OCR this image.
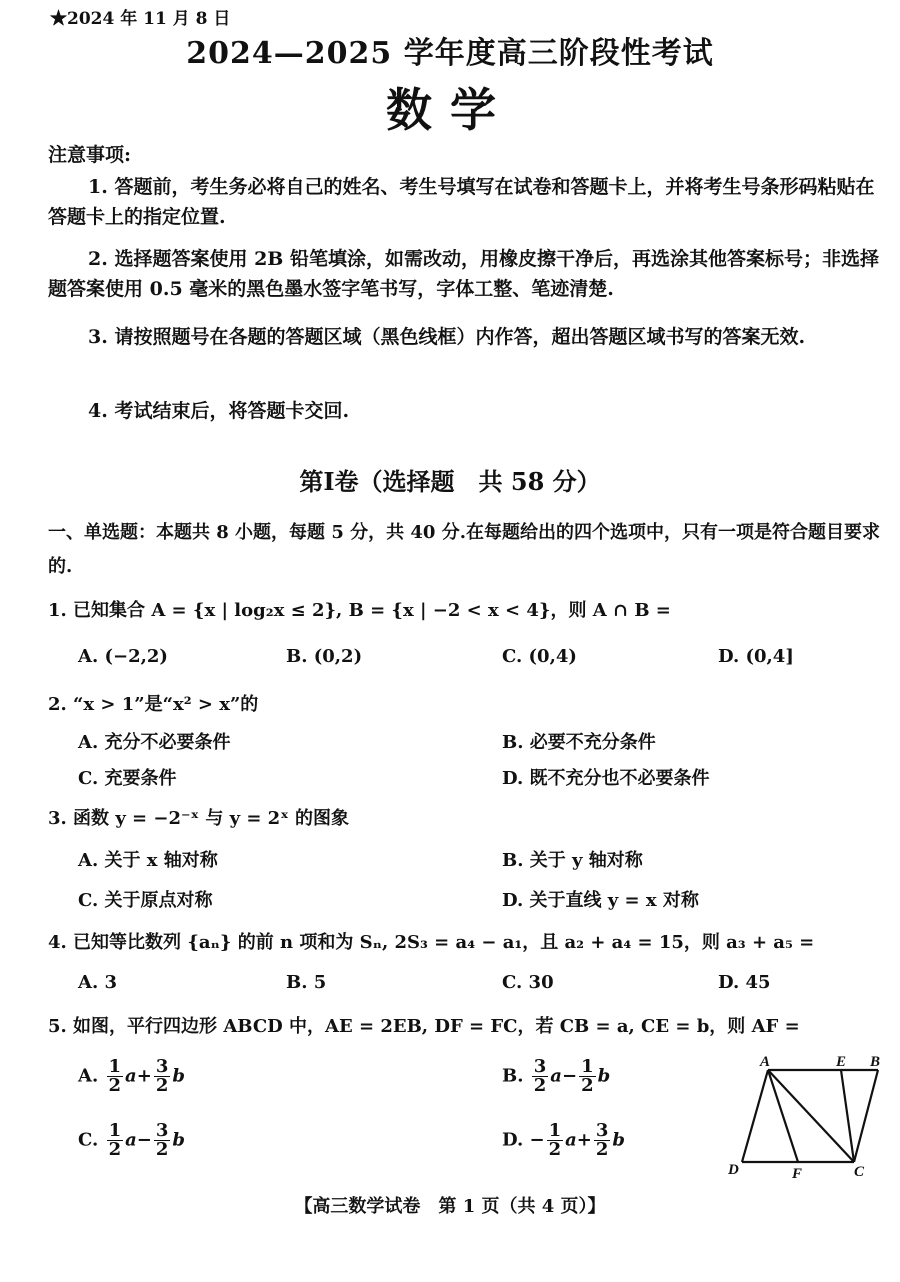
★2024 年 11 月 8 日
2024—2025 学年度高三阶段性考试
数学
注意事项:
1. 答题前，考生务必将自己的姓名、考生号填写在试卷和答题卡上，并将考生号条形码粘贴在答题卡上的指定位置.
2. 选择题答案使用 2B 铅笔填涂，如需改动，用橡皮擦干净后，再选涂其他答案标号；非选择题答案使用 0.5 毫米的黑色墨水签字笔书写，字体工整、笔迹清楚.
3. 请按照题号在各题的答题区域（黑色线框）内作答，超出答题区域书写的答案无效.
4. 考试结束后，将答题卡交回.
第Ⅰ卷（选择题　共 58 分）
一、单选题：本题共 8 小题，每题 5 分，共 40 分.在每题给出的四个选项中，只有一项是符合题目要求的.
1. 已知集合 A = {x | log₂x ≤ 2}, B = {x | −2 < x < 4}，则 A ∩ B =
A. (−2,2)	B. (0,2)	C. (0,4)	D. (0,4]
2. “x > 1”是“x² > x”的
A. 充分不必要条件	B. 必要不充分条件
C. 充要条件	D. 既不充分也不必要条件
3. 函数 y = −2⁻ˣ 与 y = 2ˣ 的图象
A. 关于 x 轴对称	B. 关于 y 轴对称
C. 关于原点对称	D. 关于直线 y = x 对称
4. 已知等比数列 {aₙ} 的前 n 项和为 Sₙ, 2S₃ = a₄ − a₁，且 a₂ + a₄ = 15，则 a₃ + a₅ =
A. 3	B. 5	C. 30	D. 45
5. 如图，平行四边形 ABCD 中，AE = 2EB, DF = FC，若 CB = a, CE = b，则 AF =
A. $\frac{1}{2} a+ \frac{3}{2}$ b	B. $\frac{3}{2} a- \frac{1}{2}$ b
C. $\frac{1}{2} a- \frac{3}{2}$ b	D. − $\frac{1}{2} a+ \frac{3}{2}$ b
A	E B
D	F	C
【高三数学试卷　第 1 页（共 4 页）】
